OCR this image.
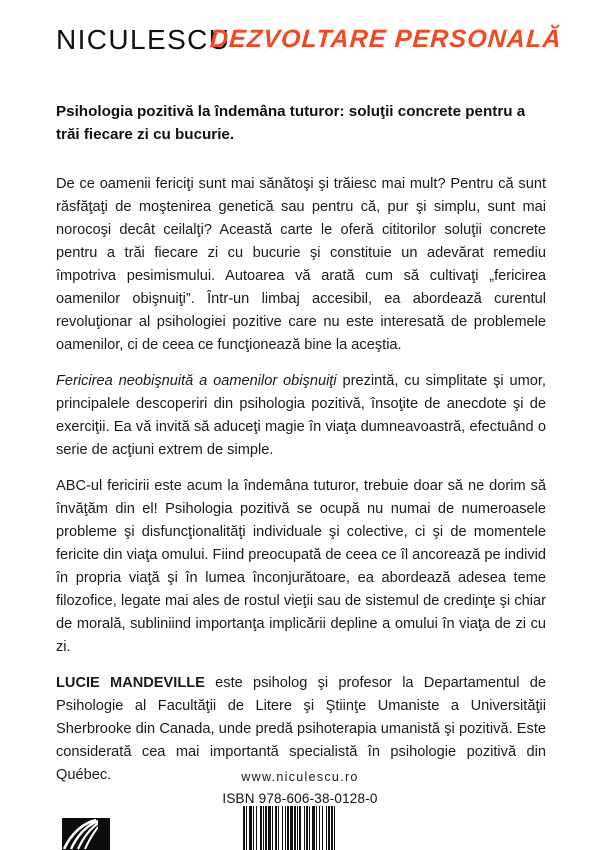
NICULESCU
DEZVOLTARE PERSONALĂ

Psihologia pozitivă la îndemâna tuturor: soluţii concrete pentru a trăi fiecare zi cu bucurie.

De ce oamenii fericiţi sunt mai sănătoşi şi trăiesc mai mult? Pentru că sunt răsfăţaţi de moştenirea genetică sau pentru că, pur şi simplu, sunt mai norocoşi decât ceilalţi? Această carte le oferă cititorilor soluţii concrete pentru a trăi fiecare zi cu bucurie şi constituie un adevărat remediu împotriva pesimismului. Autoarea vă arată cum să cultivaţi „fericirea oamenilor obişnuiţi”. Într-un limbaj accesibil, ea abordează curentul revoluţionar al psihologiei pozitive care nu este interesată de problemele oamenilor, ci de ceea ce funcţionează bine la aceştia.

Fericirea neobişnuită a oamenilor obişnuiţi prezintă, cu simplitate şi umor, principalele descoperiri din psihologia pozitivă, însoţite de anecdote şi de exerciţii. Ea vă invită să aduceţi magie în viaţa dumneavoastră, efectuând o serie de acţiuni extrem de simple.

ABC-ul fericirii este acum la îndemâna tuturor, trebuie doar să ne dorim să învăţăm din el! Psihologia pozitivă se ocupă nu numai de numeroasele probleme şi disfuncţionalităţi individuale şi colective, ci şi de momentele fericite din viaţa omului. Fiind preocupată de ceea ce îl ancorează pe individ în propria viaţă şi în lumea înconjurătoare, ea abordează adesea teme filozofice, legate mai ales de rostul vieţii sau de sistemul de credinţe şi chiar de morală, subliniind importanţa implicării depline a omului în viaţa de zi cu zi.

LUCIE MANDEVILLE este psiholog şi profesor la Departamentul de Psihologie al Facultăţii de Litere şi Ştiinţe Umaniste a Universităţii Sherbrooke din Canada, unde predă psihoterapia umanistă şi pozitivă. Este considerată cea mai importantă specialistă în psihologie pozitivă din Québec.	www.niculescu.ro
ISBN 978-606-38-0128-0
